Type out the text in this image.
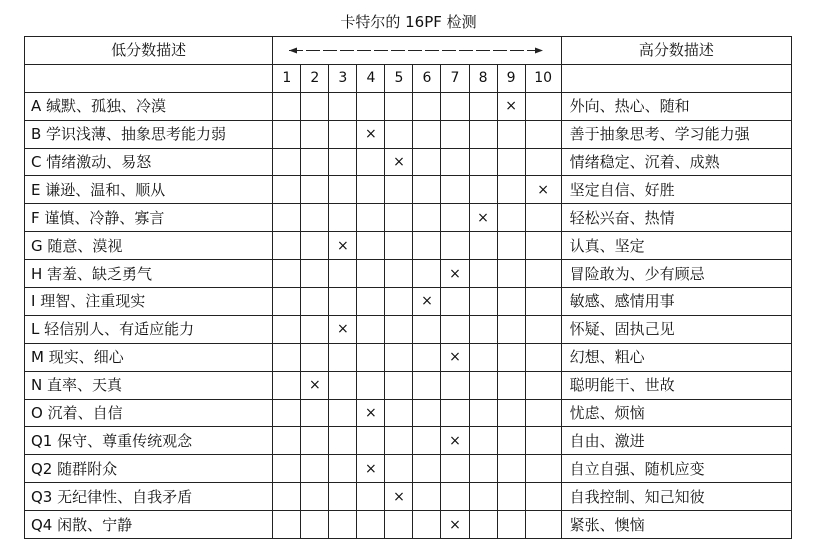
卡特尔的 16PF 检测
低分数描述											高分数描述
	1	2	3	4	5	6	7	8	9	10	
A 缄默、孤独、冷漠									×		外向、热心、随和
B 学识浅薄、抽象思考能力弱				×							善于抽象思考、学习能力强
C 情绪激动、易怒					×						情绪稳定、沉着、成熟
E 谦逊、温和、顺从										×	坚定自信、好胜
F 谨慎、冷静、寡言								×			轻松兴奋、热情
G 随意、漠视			×								认真、坚定
H 害羞、缺乏勇气							×				冒险敢为、少有顾忌
I 理智、注重现实						×					敏感、感情用事
L 轻信别人、有适应能力			×								怀疑、固执己见
M 现实、细心							×				幻想、粗心
N 直率、天真		×									聪明能干、世故
O 沉着、自信				×							忧虑、烦恼
Q1 保守、尊重传统观念							×				自由、激进
Q2 随群附众				×							自立自强、随机应变
Q3 无纪律性、自我矛盾					×						自我控制、知己知彼
Q4 闲散、宁静							×				紧张、懊恼
